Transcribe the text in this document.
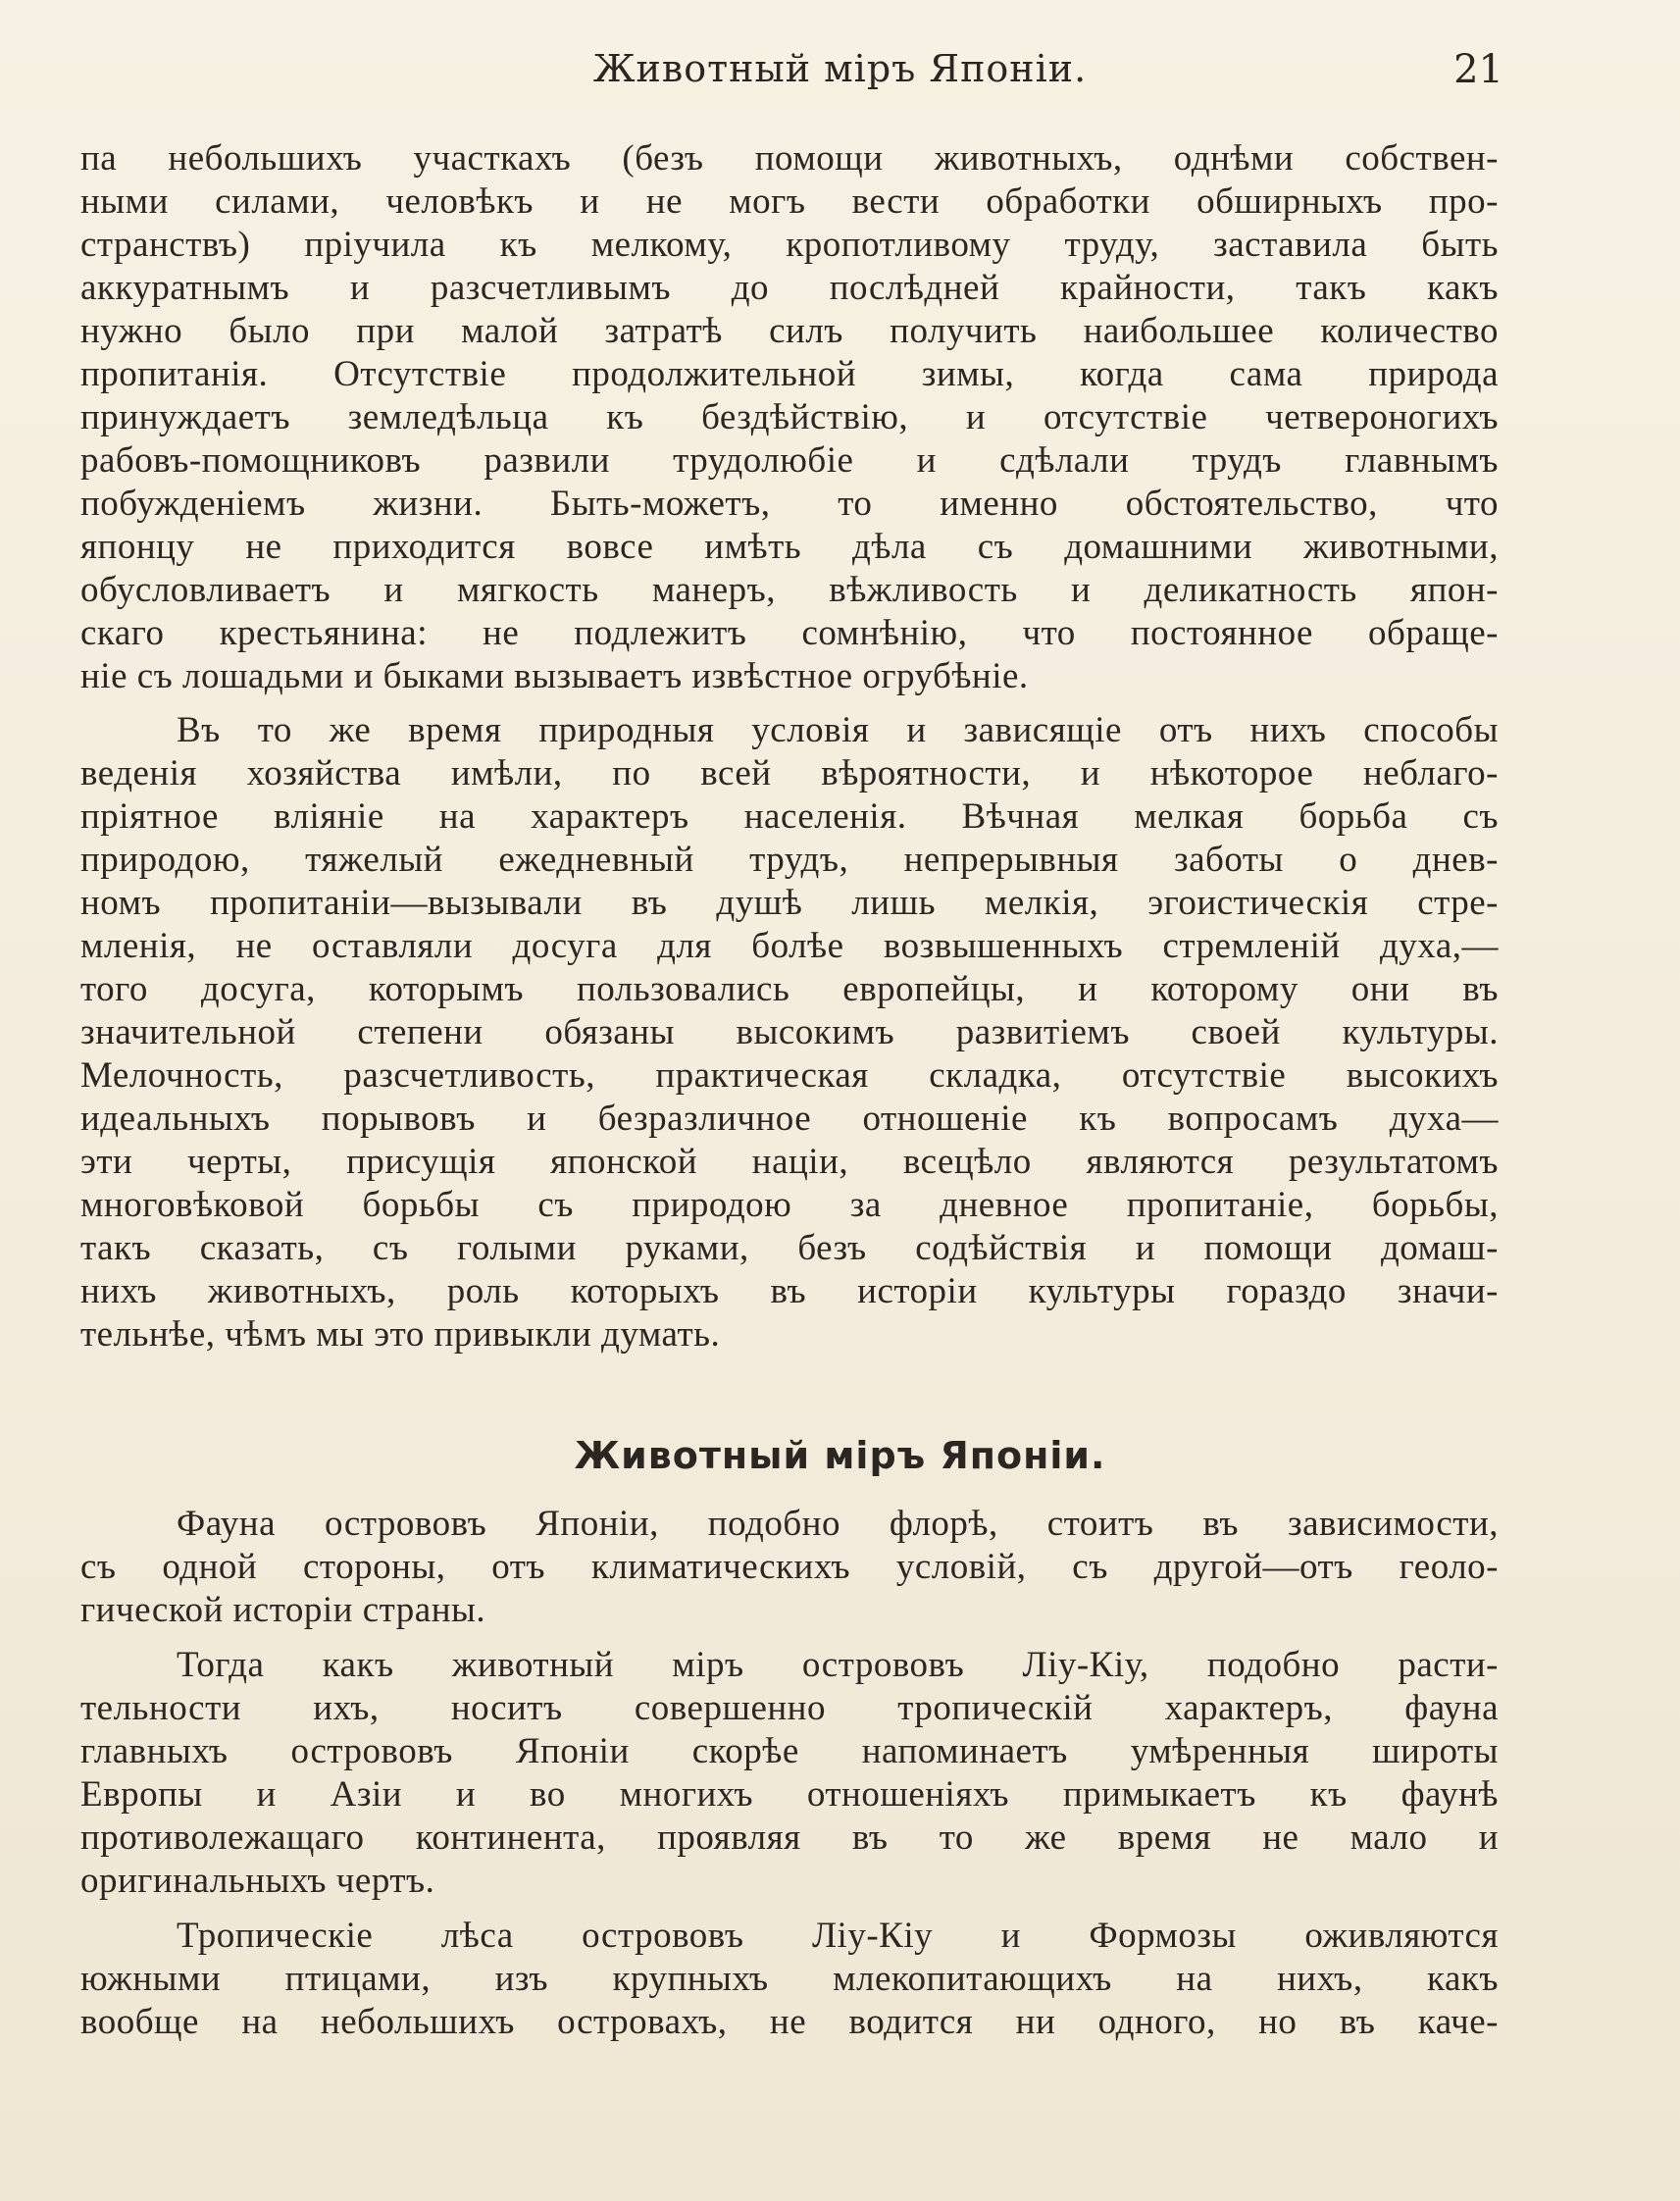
Животный міръ Японіи.	21
па небольшихъ участкахъ (безъ помощи животныхъ, однѣми собствен-
ными силами, человѣкъ и не могъ вести обработки обширныхъ про-
странствъ) пріучила къ мелкому, кропотливому труду, заставила быть
аккуратнымъ и разсчетливымъ до послѣдней крайности, такъ какъ
нужно было при малой затратѣ силъ получить наибольшее количество
пропитанія. Отсутствіе продолжительной зимы, когда сама природа
принуждаетъ земледѣльца къ бездѣйствію, и отсутствіе четвероногихъ
рабовъ-помощниковъ развили трудолюбіе и сдѣлали трудъ главнымъ
побужденіемъ жизни. Быть-можетъ, то именно обстоятельство, что
японцу не приходится вовсе имѣть дѣла съ домашними животными,
обусловливаетъ и мягкость манеръ, вѣжливость и деликатность япон-
скаго крестьянина: не подлежитъ сомнѣнію, что постоянное обраще-
ніе съ лошадьми и быками вызываетъ извѣстное огрубѣніе.
Въ то же время природныя условія и зависящіе отъ нихъ способы
веденія хозяйства имѣли, по всей вѣроятности, и нѣкоторое неблаго-
пріятное вліяніе на характеръ населенія. Вѣчная мелкая борьба съ
природою, тяжелый ежедневный трудъ, непрерывныя заботы о днев-
номъ пропитаніи—вызывали въ душѣ лишь мелкія, эгоистическія стре-
мленія, не оставляли досуга для болѣе возвышенныхъ стремленій духа,—
того досуга, которымъ пользовались европейцы, и которому они въ
значительной степени обязаны высокимъ развитіемъ своей культуры.
Мелочность, разсчетливость, практическая складка, отсутствіе высокихъ
идеальныхъ порывовъ и безразличное отношеніе къ вопросамъ духа—
эти черты, присущія японской націи, всецѣло являются результатомъ
многовѣковой борьбы съ природою за дневное пропитаніе, борьбы,
такъ сказать, съ голыми руками, безъ содѣйствія и помощи домаш-
нихъ животныхъ, роль которыхъ въ исторіи культуры гораздо значи-
тельнѣе, чѣмъ мы это привыкли думать.
Животный міръ Японіи.
Фауна острововъ Японіи, подобно флорѣ, стоитъ въ зависимости,
съ одной стороны, отъ климатическихъ условій, съ другой—отъ геоло-
гической исторіи страны.
Тогда какъ животный міръ острововъ Ліу-Кіу, подобно расти-
тельности ихъ, носитъ совершенно тропическій характеръ, фауна
главныхъ острововъ Японіи скорѣе напоминаетъ умѣренныя широты
Европы и Азіи и во многихъ отношеніяхъ примыкаетъ къ фаунѣ
противолежащаго континента, проявляя въ то же время не мало и
оригинальныхъ чертъ.
Тропическіе лѣса острововъ Ліу-Кіу и Формозы оживляются
южными птицами, изъ крупныхъ млекопитающихъ на нихъ, какъ
вообще на небольшихъ островахъ, не водится ни одного, но въ каче-
